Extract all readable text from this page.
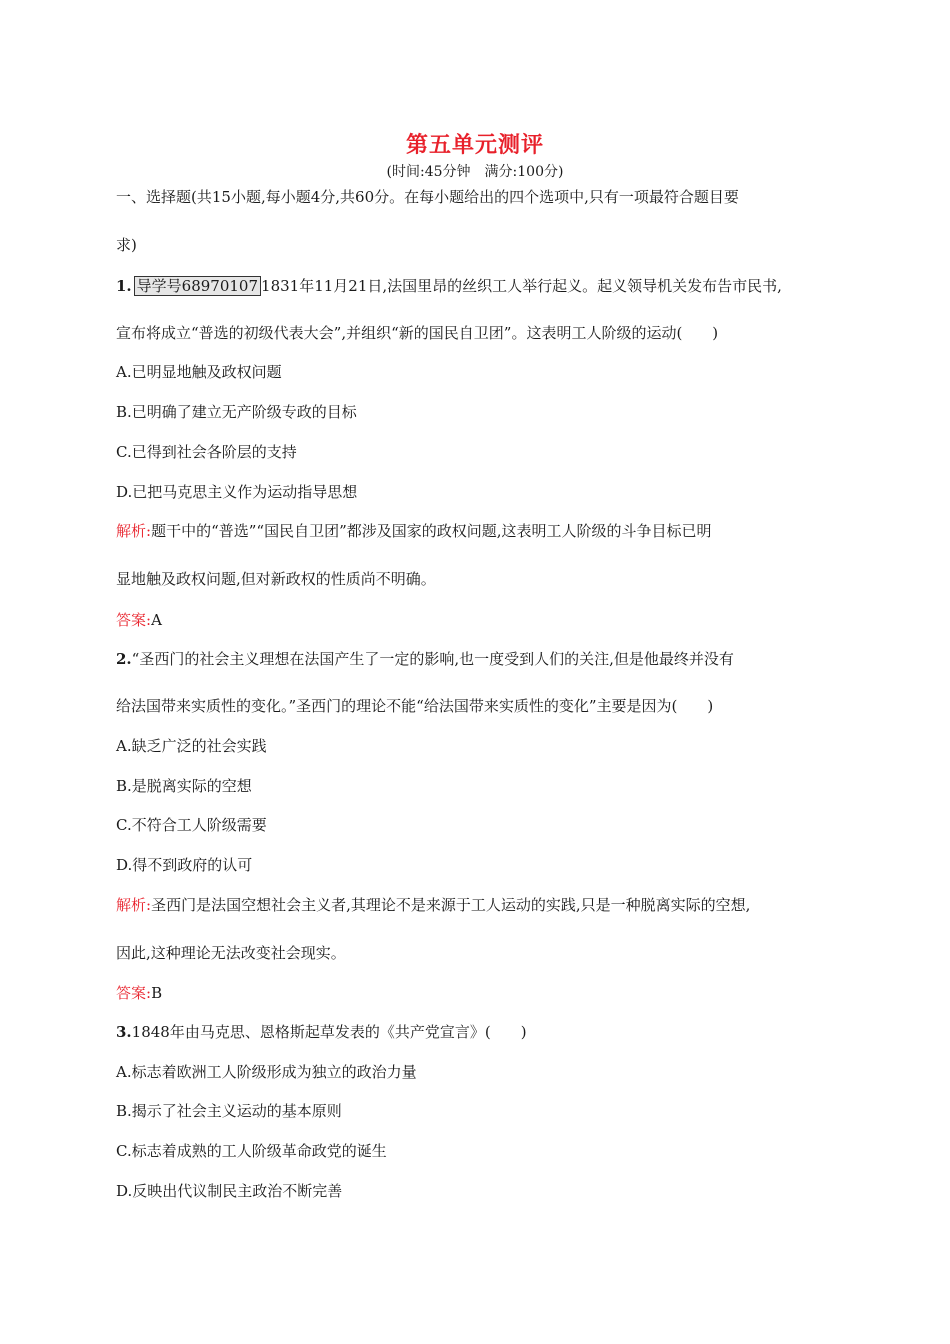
第五单元测评
(时间:45分钟　满分:100分)
一、选择题(共15小题,每小题4分,共60分。在每小题给出的四个选项中,只有一项最符合题目要
求)
1. 导学号68970107 1831年11月21日,法国里昂的丝织工人举行起义。起义领导机关发布告市民书,
宣布将成立“普选的初级代表大会”,并组织“新的国民自卫团”。这表明工人阶级的运动(　　)
A.已明显地触及政权问题
B.已明确了建立无产阶级专政的目标
C.已得到社会各阶层的支持
D.已把马克思主义作为运动指导思想
解析:题干中的“普选”“国民自卫团”都涉及国家的政权问题,这表明工人阶级的斗争目标已明
显地触及政权问题,但对新政权的性质尚不明确。
答案:A
2.“圣西门的社会主义理想在法国产生了一定的影响,也一度受到人们的关注,但是他最终并没有
给法国带来实质性的变化。”圣西门的理论不能“给法国带来实质性的变化”主要是因为(　　)
A.缺乏广泛的社会实践
B.是脱离实际的空想
C.不符合工人阶级需要
D.得不到政府的认可
解析:圣西门是法国空想社会主义者,其理论不是来源于工人运动的实践,只是一种脱离实际的空想,
因此,这种理论无法改变社会现实。
答案:B
3.1848年由马克思、恩格斯起草发表的《共产党宣言》(　　)
A.标志着欧洲工人阶级形成为独立的政治力量
B.揭示了社会主义运动的基本原则
C.标志着成熟的工人阶级革命政党的诞生
D.反映出代议制民主政治不断完善
